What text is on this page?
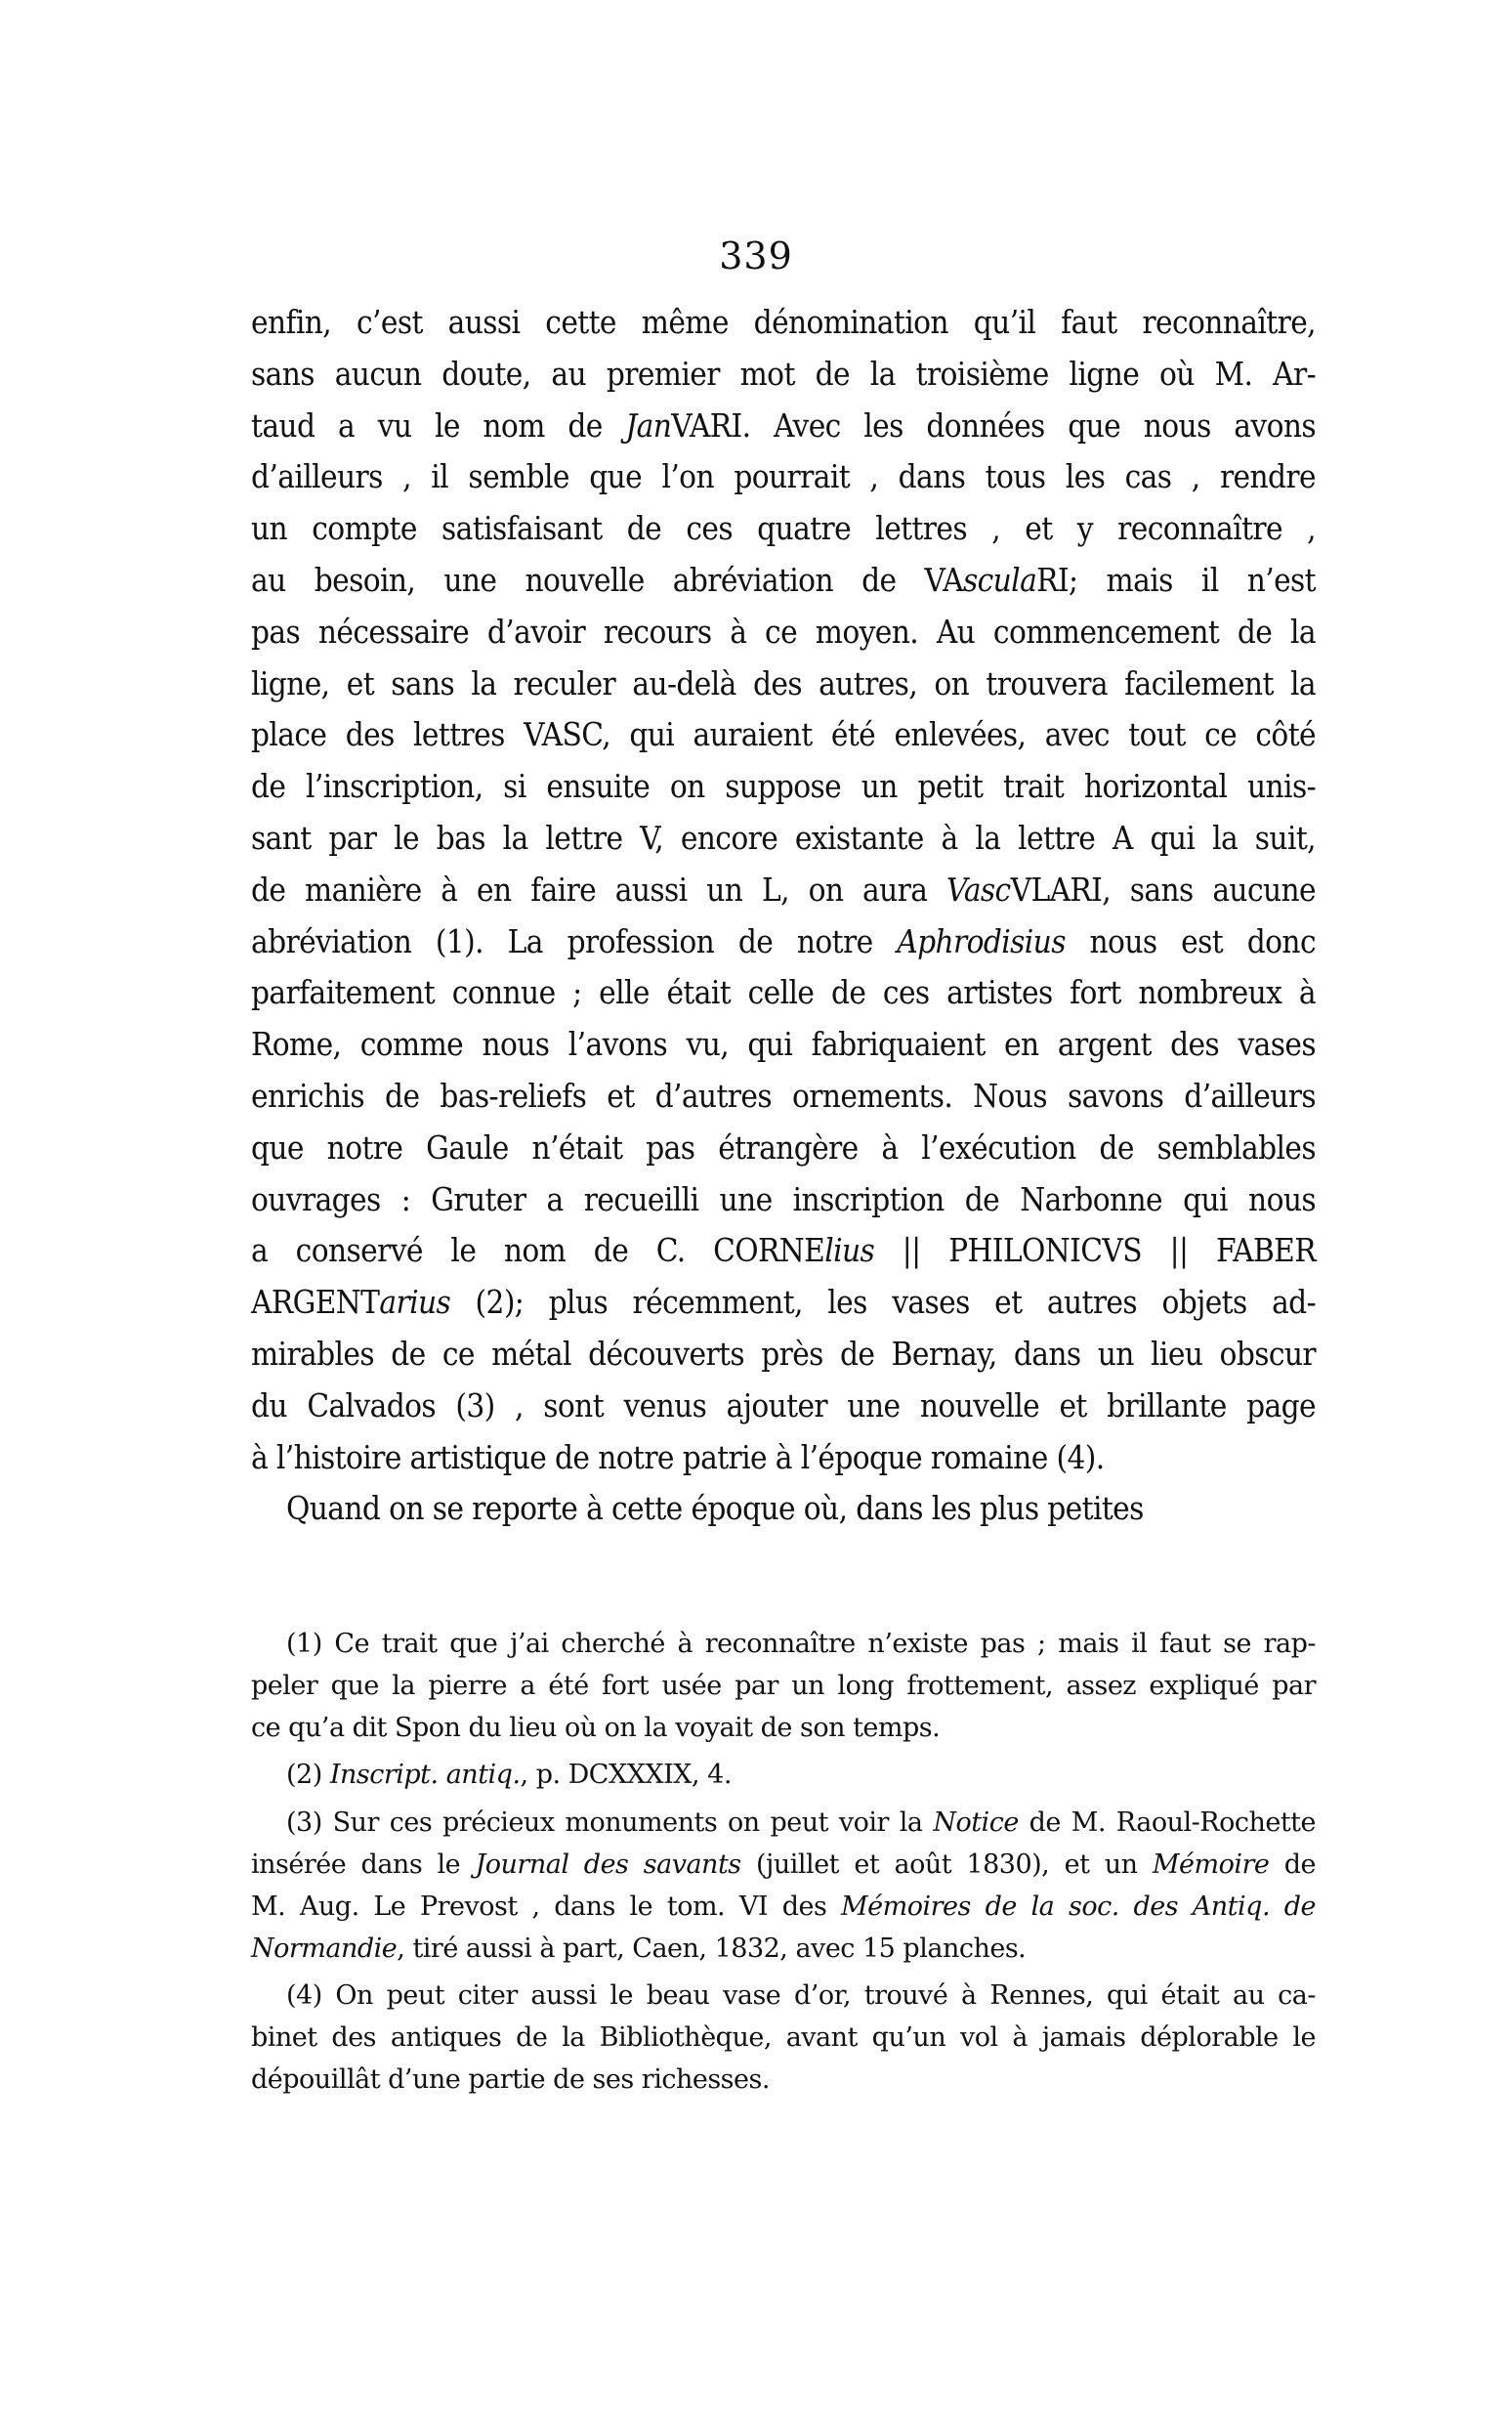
339
enfin, c’est aussi cette même dénomination qu’il faut reconnaître,
sans aucun doute, au premier mot de la troisième ligne où M. Ar-
taud a vu le nom de JanVARI. Avec les données que nous avons
d’ailleurs , il semble que l’on pourrait , dans tous les cas , rendre
un compte satisfaisant de ces quatre lettres , et y reconnaître ,
au besoin, une nouvelle abréviation de VAsculaRI; mais il n’est
pas nécessaire d’avoir recours à ce moyen. Au commencement de la
ligne, et sans la reculer au-delà des autres, on trouvera facilement la
place des lettres VASC, qui auraient été enlevées, avec tout ce côté
de l’inscription, si ensuite on suppose un petit trait horizontal unis-
sant par le bas la lettre V, encore existante à la lettre A qui la suit,
de manière à en faire aussi un L, on aura VascVLARI, sans aucune
abréviation (1). La profession de notre Aphrodisius nous est donc
parfaitement connue ; elle était celle de ces artistes fort nombreux à
Rome, comme nous l’avons vu, qui fabriquaient en argent des vases
enrichis de bas-reliefs et d’autres ornements. Nous savons d’ailleurs
que notre Gaule n’était pas étrangère à l’exécution de semblables
ouvrages : Gruter a recueilli une inscription de Narbonne qui nous
a conservé le nom de C. CORNElius || PHILONICVS || FABER
ARGENTarius (2); plus récemment, les vases et autres objets ad-
mirables de ce métal découverts près de Bernay, dans un lieu obscur
du Calvados (3) , sont venus ajouter une nouvelle et brillante page
à l’histoire artistique de notre patrie à l’époque romaine (4).
Quand on se reporte à cette époque où, dans les plus petites
(1) Ce trait que j’ai cherché à reconnaître n’existe pas ; mais il faut se rap-
peler que la pierre a été fort usée par un long frottement, assez expliqué par
ce qu’a dit Spon du lieu où on la voyait de son temps.
(2) Inscript. antiq., p. DCXXXIX, 4.
(3) Sur ces précieux monuments on peut voir la Notice de M. Raoul-Rochette
insérée dans le Journal des savants (juillet et août 1830), et un Mémoire de
M. Aug. Le Prevost , dans le tom. VI des Mémoires de la soc. des Antiq. de
Normandie, tiré aussi à part, Caen, 1832, avec 15 planches.
(4) On peut citer aussi le beau vase d’or, trouvé à Rennes, qui était au ca-
binet des antiques de la Bibliothèque, avant qu’un vol à jamais déplorable le
dépouillât d’une partie de ses richesses.
